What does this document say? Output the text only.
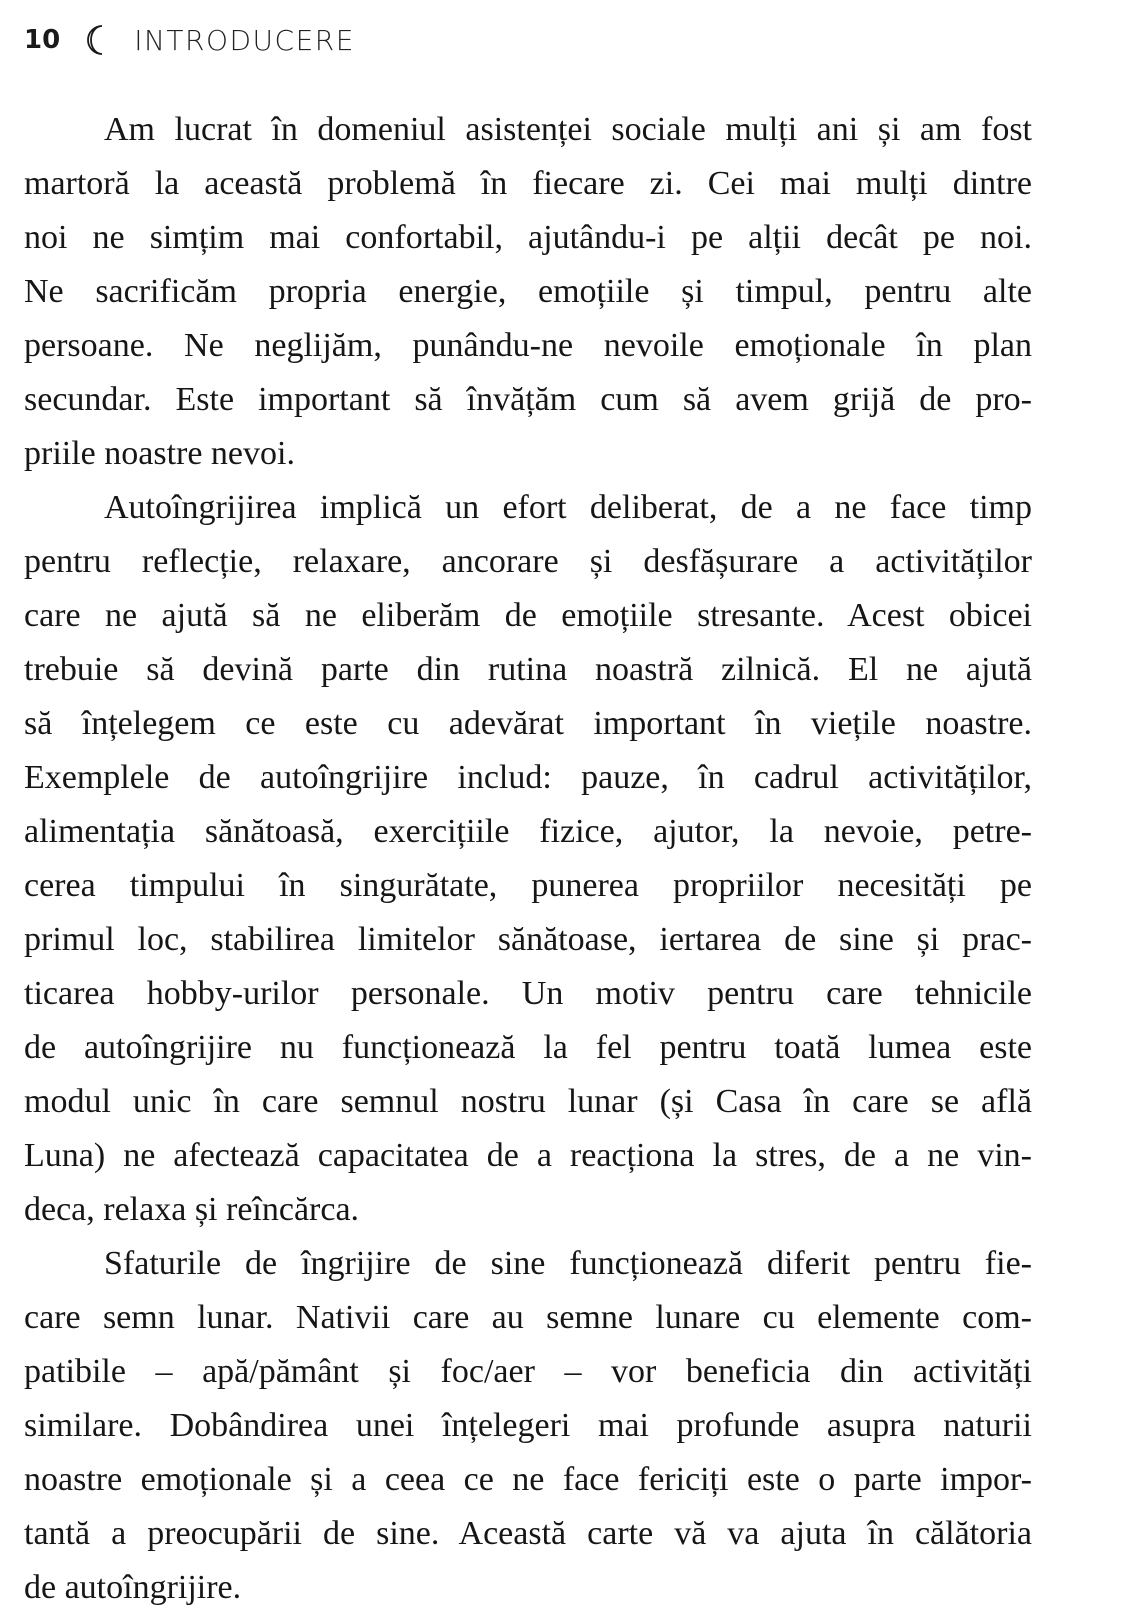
10	INTRODUCERE
Am lucrat în domeniul asistenței sociale mulți ani și am fost
martoră la această problemă în fiecare zi. Cei mai mulți dintre
noi ne simțim mai confortabil, ajutându-i pe alții decât pe noi.
Ne sacrificăm propria energie, emoțiile și timpul, pentru alte
persoane. Ne neglijăm, punându-ne nevoile emoționale în plan
secundar. Este important să învățăm cum să avem grijă de pro-
priile noastre nevoi.
Autoîngrijirea implică un efort deliberat, de a ne face timp
pentru reflecție, relaxare, ancorare și desfășurare a activităților
care ne ajută să ne eliberăm de emoțiile stresante. Acest obicei
trebuie să devină parte din rutina noastră zilnică. El ne ajută
să înțelegem ce este cu adevărat important în viețile noastre.
Exemplele de autoîngrijire includ: pauze, în cadrul activităților,
alimentația sănătoasă, exercițiile fizice, ajutor, la nevoie, petre-
cerea timpului în singurătate, punerea propriilor necesități pe
primul loc, stabilirea limitelor sănătoase, iertarea de sine și prac-
ticarea hobby-urilor personale. Un motiv pentru care tehnicile
de autoîngrijire nu funcționează la fel pentru toată lumea este
modul unic în care semnul nostru lunar (și Casa în care se află
Luna) ne afectează capacitatea de a reacționa la stres, de a ne vin-
deca, relaxa și reîncărca.
Sfaturile de îngrijire de sine funcționează diferit pentru fie-
care semn lunar. Nativii care au semne lunare cu elemente com-
patibile – apă/pământ și foc/aer – vor beneficia din activități
similare. Dobândirea unei înțelegeri mai profunde asupra naturii
noastre emoționale și a ceea ce ne face fericiți este o parte impor-
tantă a preocupării de sine. Această carte vă va ajuta în călătoria
de autoîngrijire.
